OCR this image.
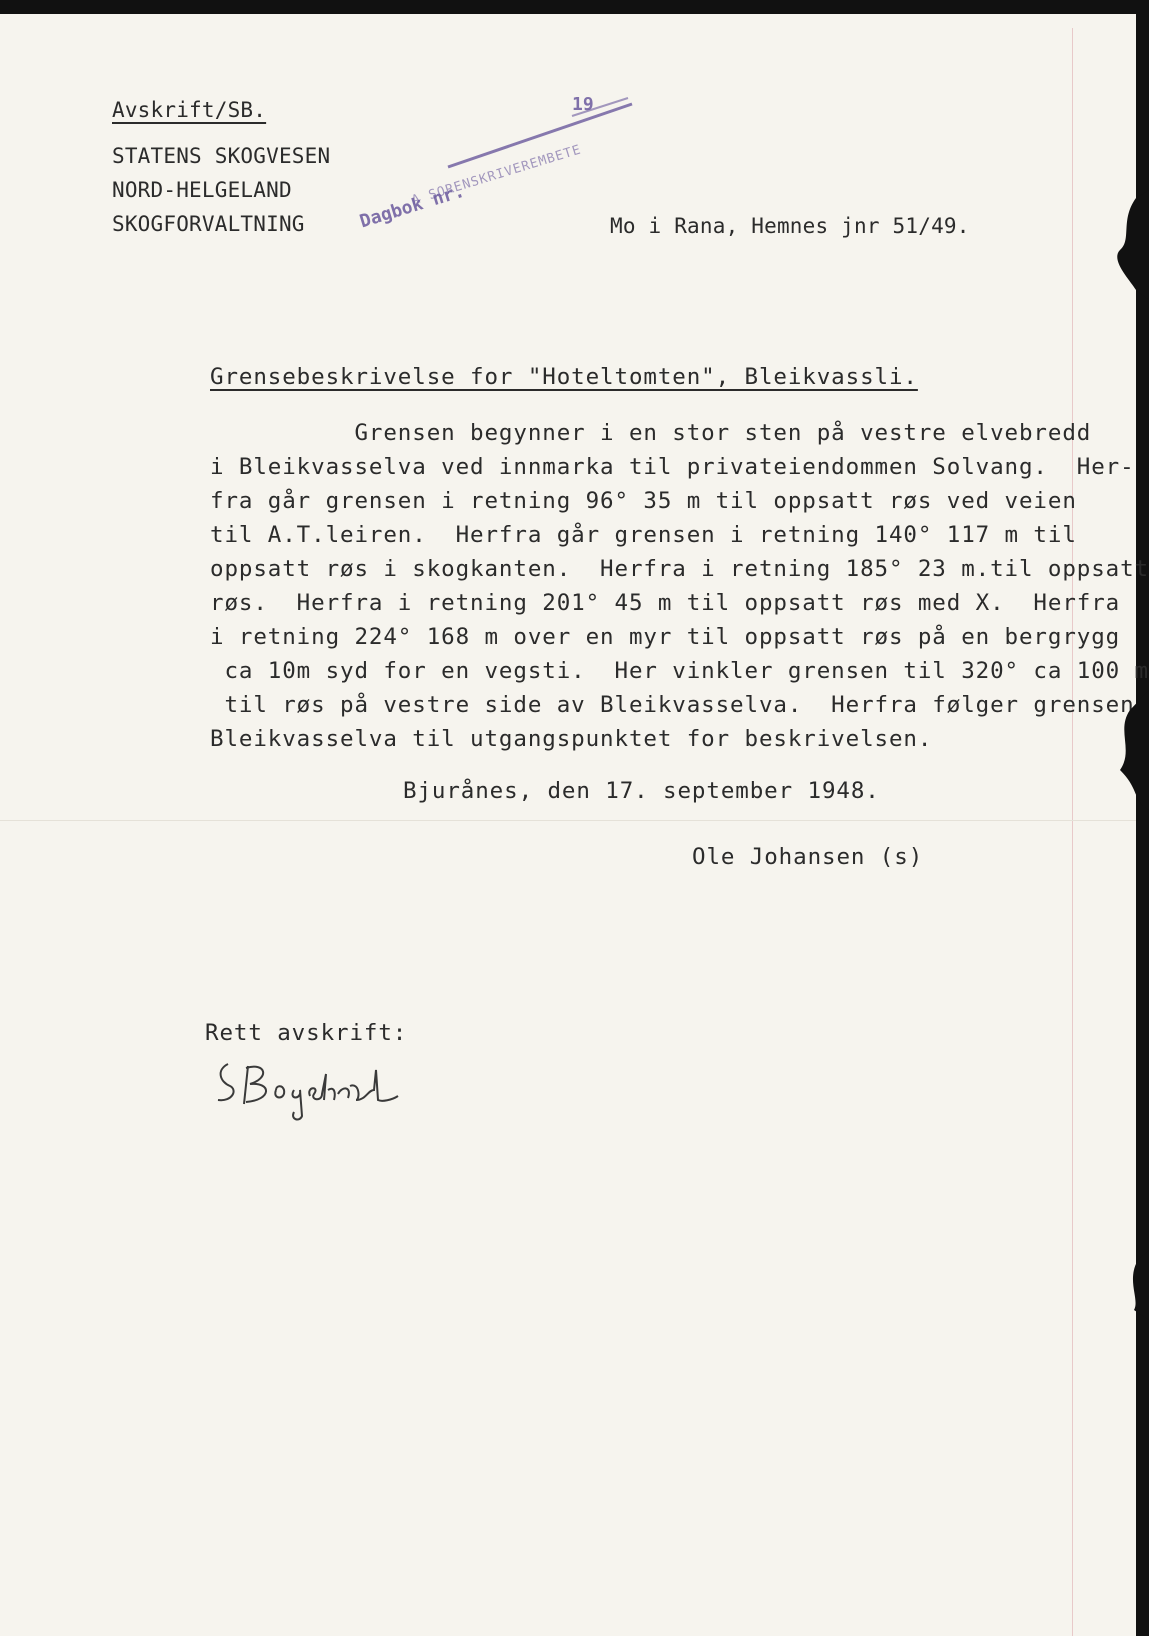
Avskrift/SB.
STATENS SKOGVESEN
NORD-HELGELAND
SKOGFORVALTNING	Mo i Rana, Hemnes jnr 51/49.
Dagbok nr.
19
A SORENSKRIVEREMBETE
Grensebeskrivelse for "Hoteltomten", Bleikvassli.
Grensen begynner i en stor sten på vestre elvebredd
i Bleikvasselva ved innmarka til privateiendommen Solvang.  Her-
fra går grensen i retning 96° 35 m til oppsatt røs ved veien
til A.T.leiren.  Herfra går grensen i retning 140° 117 m til
oppsatt røs i skogkanten.  Herfra i retning 185° 23 m.til oppsatt
røs.  Herfra i retning 201° 45 m til oppsatt røs med X.  Herfra
i retning 224° 168 m over en myr til oppsatt røs på en bergrygg
ca 10m syd for en vegsti.  Her vinkler grensen til 320° ca 100 m
til røs på vestre side av Bleikvasselva.  Herfra følger grensen
Bleikvasselva til utgangspunktet for beskrivelsen.
Bjurånes, den 17. september 1948.
Ole Johansen (s)
Rett avskrift:
